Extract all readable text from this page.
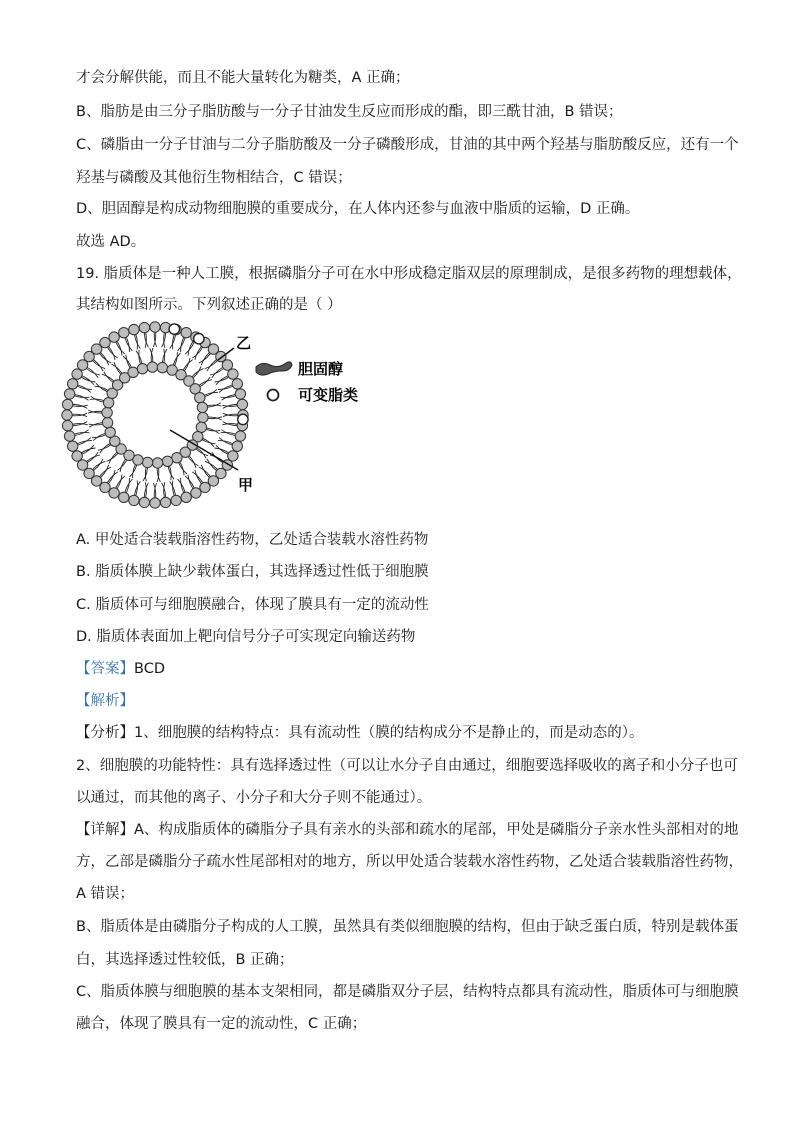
才会分解供能，而且不能大量转化为糖类，A 正确；
B、脂肪是由三分子脂肪酸与一分子甘油发生反应而形成的酯，即三酰甘油，B 错误；
C、磷脂由一分子甘油与二分子脂肪酸及一分子磷酸形成，甘油的其中两个羟基与脂肪酸反应，还有一个
羟基与磷酸及其他衍生物相结合，C 错误；
D、胆固醇是构成动物细胞膜的重要成分，在人体内还参与血液中脂质的运输，D 正确。
故选 AD。
19. 脂质体是一种人工膜，根据磷脂分子可在水中形成稳定脂双层的原理制成，是很多药物的理想载体，
其结构如图所示。下列叙述正确的是（ ）
乙
甲
胆固醇
可变脂类
A. 甲处适合装载脂溶性药物，乙处适合装载水溶性药物
B. 脂质体膜上缺少载体蛋白，其选择透过性低于细胞膜
C. 脂质体可与细胞膜融合，体现了膜具有一定的流动性
D. 脂质体表面加上靶向信号分子可实现定向输送药物
【答案】BCD
【解析】
【分析】1、细胞膜的结构特点：具有流动性（膜的结构成分不是静止的，而是动态的）。
2、细胞膜的功能特性：具有选择透过性（可以让水分子自由通过，细胞要选择吸收的离子和小分子也可
以通过，而其他的离子、小分子和大分子则不能通过）。
【详解】A、构成脂质体的磷脂分子具有亲水的头部和疏水的尾部，甲处是磷脂分子亲水性头部相对的地
方，乙部是磷脂分子疏水性尾部相对的地方，所以甲处适合装载水溶性药物，乙处适合装载脂溶性药物，
A 错误；
B、脂质体是由磷脂分子构成的人工膜，虽然具有类似细胞膜的结构，但由于缺乏蛋白质，特别是载体蛋
白，其选择透过性较低，B 正确；
C、脂质体膜与细胞膜的基本支架相同，都是磷脂双分子层，结构特点都具有流动性，脂质体可与细胞膜
融合，体现了膜具有一定的流动性，C 正确；
